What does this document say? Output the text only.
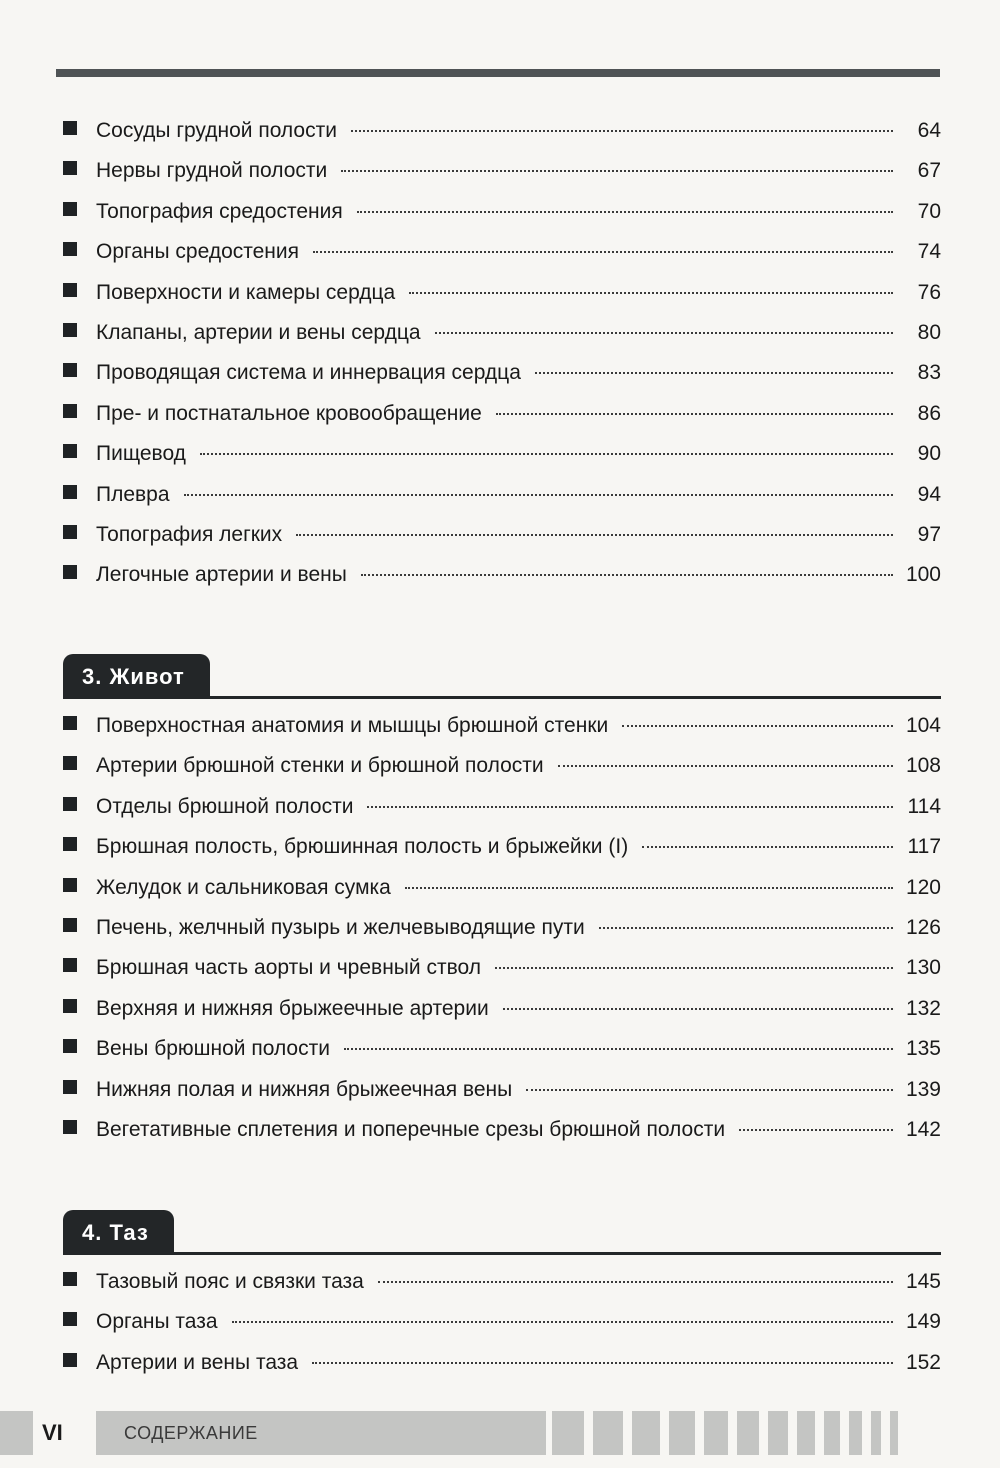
Сосуды грудной полости	64
Нервы грудной полости	67
Топография средостения	70
Органы средостения	74
Поверхности и камеры сердца	76
Клапаны, артерии и вены сердца	80
Проводящая система и иннервация сердца	83
Пре- и постнатальное кровообращение	86
Пищевод	90
Плевра	94
Топография легких	97
Легочные артерии и вены	100
3. Живот
Поверхностная анатомия и мышцы брюшной стенки	104
Артерии брюшной стенки и брюшной полости	108
Отделы брюшной полости	114
Брюшная полость, брюшинная полость и брыжейки (I)	117
Желудок и сальниковая сумка	120
Печень, желчный пузырь и желчевыводящие пути	126
Брюшная часть аорты и чревный ствол	130
Верхняя и нижняя брыжеечные артерии	132
Вены брюшной полости	135
Нижняя полая и нижняя брыжеечная вены	139
Вегетативные сплетения и поперечные срезы брюшной полости	142
4. Таз
Тазовый пояс и связки таза	145
Органы таза	149
Артерии и вены таза	152
VI	СОДЕРЖАНИЕ
